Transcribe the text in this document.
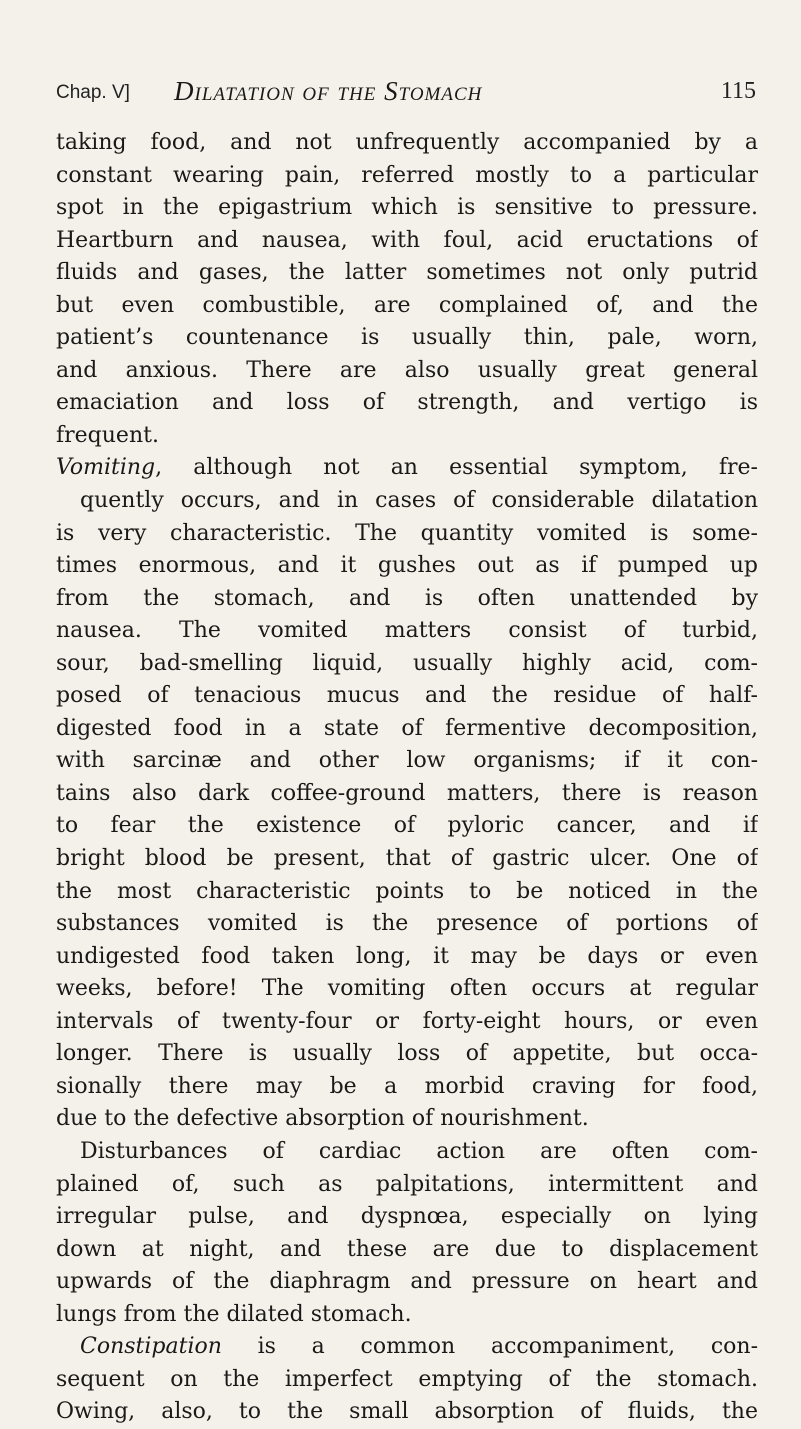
Chap. V] Dilatation of the Stomach	115
taking food, and not unfrequently accompanied by a
constant wearing pain, referred mostly to a particular
spot in the epigastrium which is sensitive to pressure.
Heartburn and nausea, with foul, acid eructations of
fluids and gases, the latter sometimes not only putrid
but even combustible, are complained of, and the
patient’s countenance is usually thin, pale, worn,
and anxious. There are also usually great general
emaciation and loss of strength, and vertigo is
frequent.
Vomiting, although not an essential symptom, fre-
quently occurs, and in cases of considerable dilatation
is very characteristic. The quantity vomited is some-
times enormous, and it gushes out as if pumped up
from the stomach, and is often unattended by
nausea. The vomited matters consist of turbid,
sour, bad-smelling liquid, usually highly acid, com-
posed of tenacious mucus and the residue of half-
digested food in a state of fermentive decomposition,
with sarcinæ and other low organisms; if it con-
tains also dark coffee-ground matters, there is reason
to fear the existence of pyloric cancer, and if
bright blood be present, that of gastric ulcer. One of
the most characteristic points to be noticed in the
substances vomited is the presence of portions of
undigested food taken long, it may be days or even
weeks, before! The vomiting often occurs at regular
intervals of twenty-four or forty-eight hours, or even
longer. There is usually loss of appetite, but occa-
sionally there may be a morbid craving for food,
due to the defective absorption of nourishment.
Disturbances of cardiac action are often com-
plained of, such as palpitations, intermittent and
irregular pulse, and dyspnœa, especially on lying
down at night, and these are due to displacement
upwards of the diaphragm and pressure on heart and
lungs from the dilated stomach.
Constipation is a common accompaniment, con-
sequent on the imperfect emptying of the stomach.
Owing, also, to the small absorption of fluids, the
